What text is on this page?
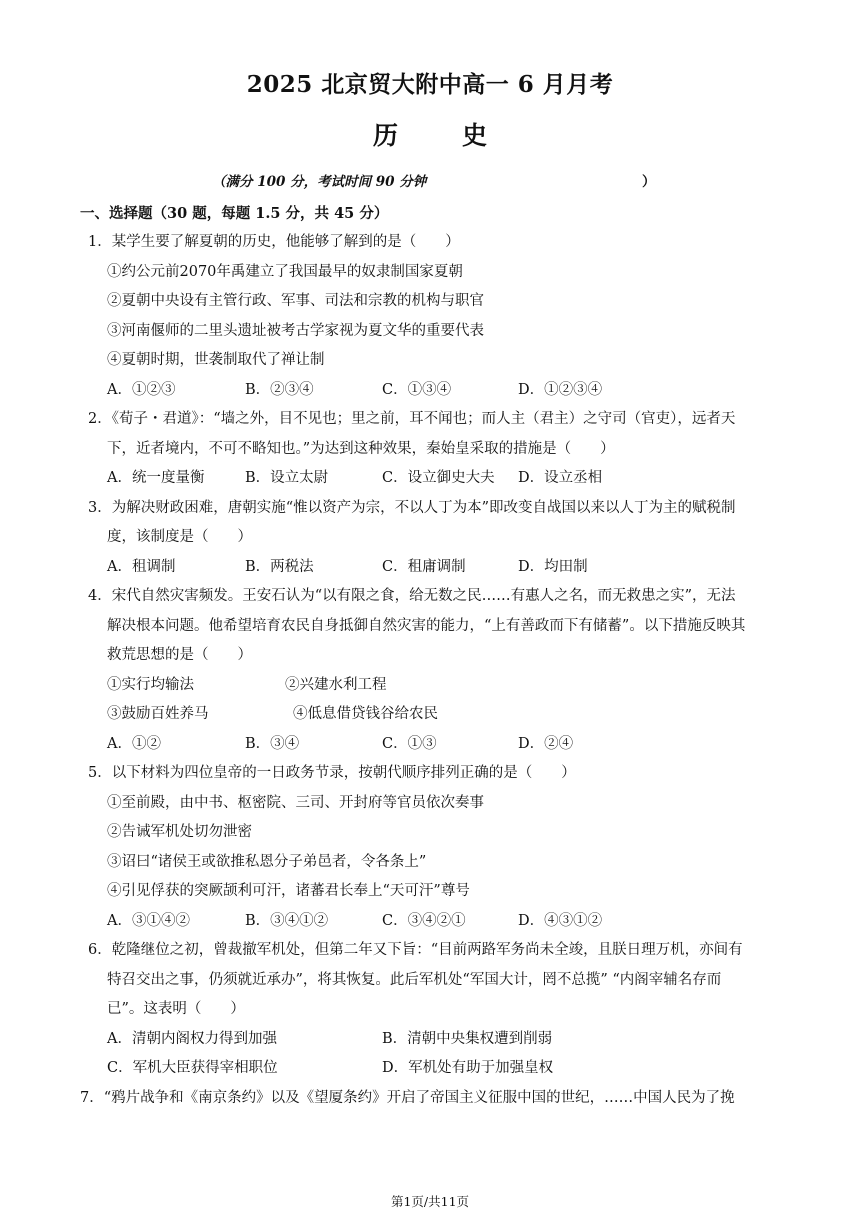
2025 北京贸大附中高一 6 月月考
历史
（满分 100 分，考试时间 90 分钟	）
一、选择题（30 题，每题 1.5 分，共 45 分）
1．某学生要了解夏朝的历史，他能够了解到的是（　　）
①约公元前2070年禹建立了我国最早的奴隶制国家夏朝
②夏朝中央设有主管行政、军事、司法和宗教的机构与职官
③河南偃师的二里头遗址被考古学家视为夏文华的重要代表
④夏朝时期，世袭制取代了禅让制
A．①②③	B．②③④	C．①③④	D．①②③④
2．《荀子・君道》：“墙之外，目不见也；里之前，耳不闻也；而人主（君主）之守司（官吏），远者天
下，近者境内，不可不略知也。”为达到这种效果，秦始皇采取的措施是（　　）
A．统一度量衡	B．设立太尉	C．设立御史大夫 D．设立丞相
3．为解决财政困难，唐朝实施“惟以资产为宗，不以人丁为本”即改变自战国以来以人丁为主的赋税制
度，该制度是（　　）
A．租调制	B．两税法	C．租庸调制	D．均田制
4．宋代自然灾害频发。王安石认为“以有限之食，给无数之民……有惠人之名，而无救患之实”，无法
解决根本问题。他希望培育农民自身抵御自然灾害的能力，“上有善政而下有储蓄”。以下措施反映其
救荒思想的是（　　）
①实行均输法	②兴建水利工程
③鼓励百姓养马	④低息借贷钱谷给农民
A．①②	B．③④	C．①③	D．②④
5．以下材料为四位皇帝的一日政务节录，按朝代顺序排列正确的是（　　）
①至前殿，由中书、枢密院、三司、开封府等官员依次奏事
②告诫军机处切勿泄密
③诏曰“诸侯王或欲推私恩分子弟邑者，令各条上”
④引见俘获的突厥颉利可汗，诸蕃君长奉上“天可汗”尊号
A．③①④②	B．③④①②	C．③④②①	D．④③①②
6．乾隆继位之初，曾裁撤军机处，但第二年又下旨：“目前两路军务尚未全竣，且朕日理万机，亦间有
特召交出之事，仍须就近承办”，将其恢复。此后军机处“军国大计，罔不总揽” “内阁宰辅名存而
已”。这表明（　　）
A．清朝内阁权力得到加强	B．清朝中央集权遭到削弱
C．军机大臣获得宰相职位	D．军机处有助于加强皇权
7．“鸦片战争和《南京条约》以及《望厦条约》开启了帝国主义征服中国的世纪，……中国人民为了挽
第1页/共11页
